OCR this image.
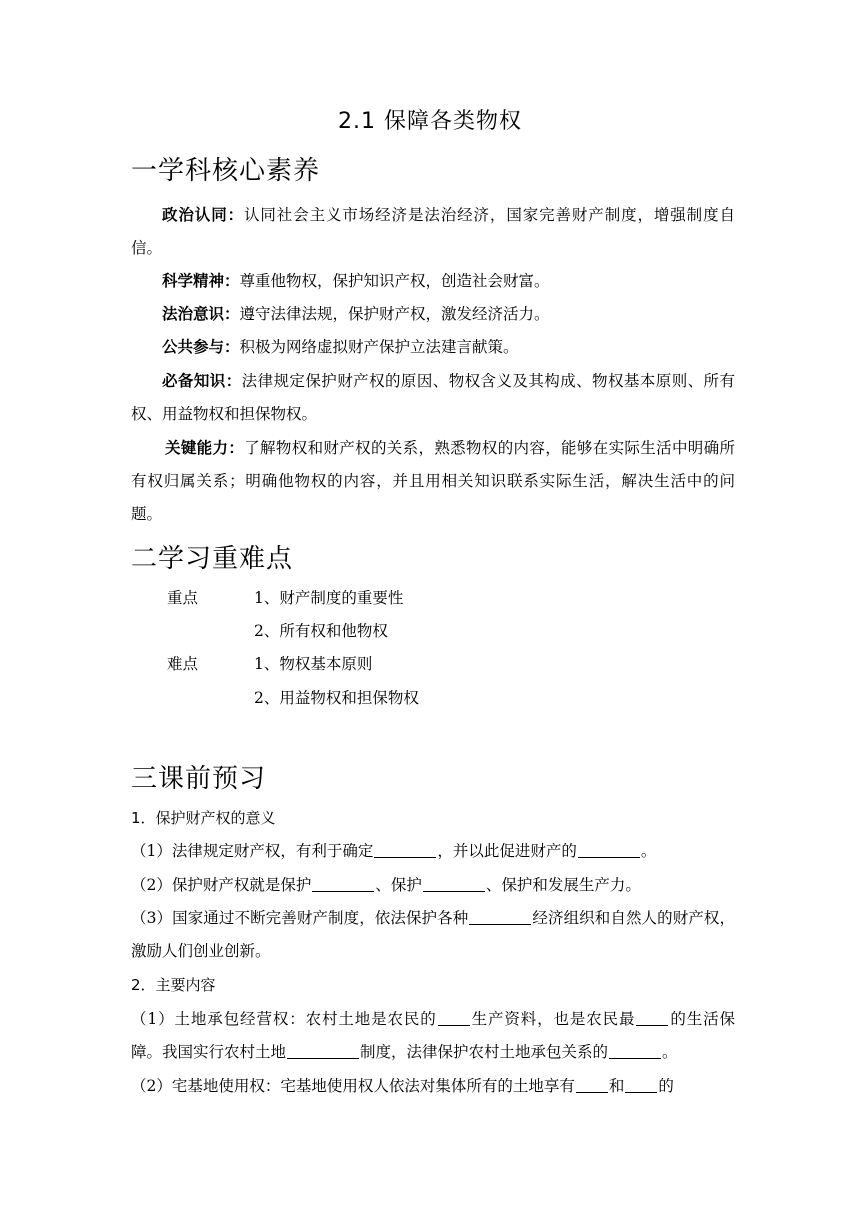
2.1 保障各类物权
一学科核心素养
政治认同：认同社会主义市场经济是法治经济，国家完善财产制度，增强制度自信。
科学精神：尊重他物权，保护知识产权，创造社会财富。
法治意识：遵守法律法规，保护财产权，激发经济活力。
公共参与：积极为网络虚拟财产保护立法建言献策。
必备知识：法律规定保护财产权的原因、物权含义及其构成、物权基本原则、所有权、用益物权和担保物权。
关键能力：了解物权和财产权的关系，熟悉物权的内容，能够在实际生活中明确所有权归属关系；明确他物权的内容，并且用相关知识联系实际生活，解决生活中的问题。
二学习重难点
重点	1、财产制度的重要性
2、所有权和他物权
难点	1、物权基本原则
2、用益物权和担保物权
三课前预习
1．保护财产权的意义
（1）法律规定财产权，有利于确定	，并以此促进财产的	。
（2）保护财产权就是保护	、保护	、保护和发展生产力。
（3）国家通过不断完善财产制度，依法保护各种	经济组织和自然人的财产权，激励人们创业创新。
2．主要内容
（1）土地承包经营权：农村土地是农民的 生产资料，也是农民最 的生活保障。我国实行农村土地	制度，法律保护农村土地承包关系的	。
（2）宅基地使用权：宅基地使用权人依法对集体所有的土地享有 和 的
